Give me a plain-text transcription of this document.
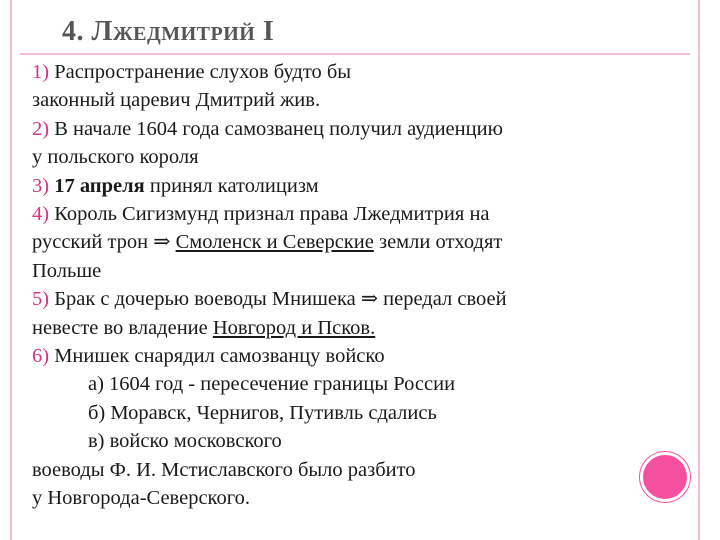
4. Лжедмитрий I
1) Распространение слухов будто бы
законный царевич Дмитрий жив.
2) В начале 1604 года самозванец получил аудиенцию
у польского короля
3) 17 апреля принял католицизм
4) Король Сигизмунд признал права Лжедмитрия на
русский трон ⇒ Смоленск и Северские земли отходят
Польше
5) Брак с дочерью воеводы Мнишека ⇒ передал своей
невесте во владение Новгород и Псков.
6) Мнишек снарядил самозванцу войско
а) 1604 год - пересечение границы России
б) Моравск, Чернигов, Путивль сдались
в) войско московского
воеводы Ф. И. Мстиславского было разбито
у Новгорода-Северского.
